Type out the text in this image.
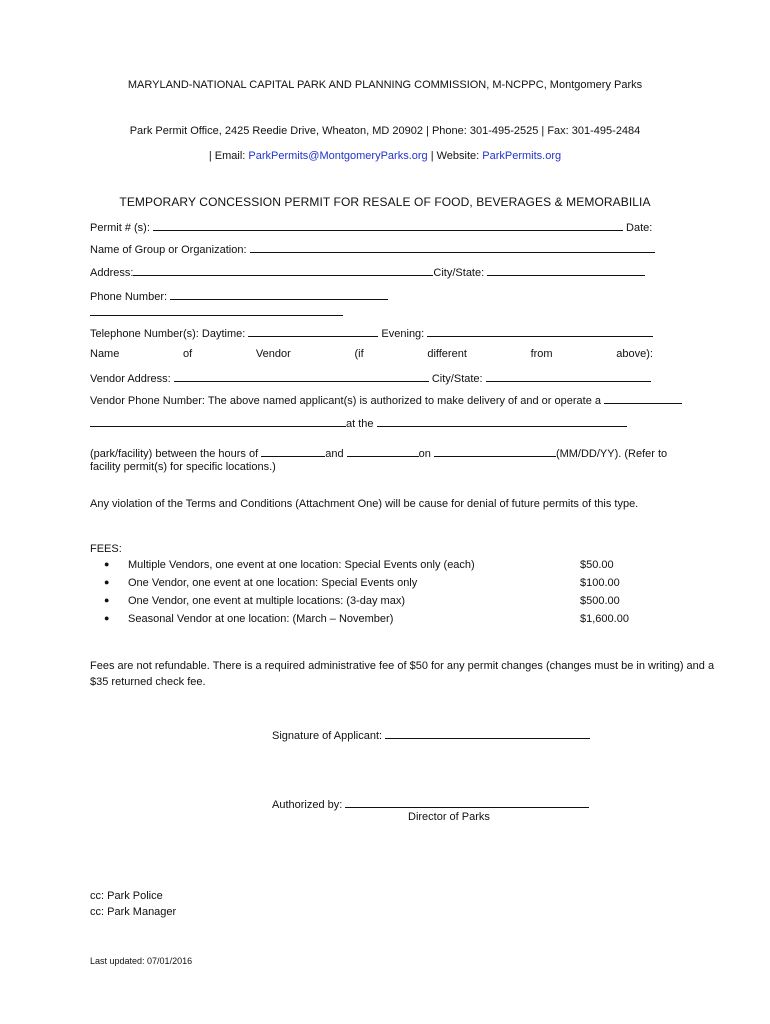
MARYLAND-NATIONAL CAPITAL PARK AND PLANNING COMMISSION, M-NCPPC, Montgomery Parks
Park Permit Office, 2425 Reedie Drive, Wheaton, MD 20902 | Phone: 301-495-2525 | Fax: 301-495-2484
| Email: ParkPermits@MontgomeryParks.org | Website: ParkPermits.org
TEMPORARY CONCESSION PERMIT FOR RESALE OF FOOD, BEVERAGES & MEMORABILIA
Permit # (s):	Date:
Name of Group or Organization:
Address:	City/State:
Phone Number:
Telephone Number(s): Daytime:	Evening:
Name	of	Vendor	(if	different	from	above):
Vendor Address:	City/State:
Vendor Phone Number: The above named applicant(s) is authorized to make delivery of and or operate a
at the
(park/facility) between the hours of	and	on	(MM/DD/YY). (Refer to
facility permit(s) for specific locations.)
Any violation of the Terms and Conditions (Attachment One) will be cause for denial of future permits of this type.
FEES:
● Multiple Vendors, one event at one location: Special Events only (each)	$50.00
● One Vendor, one event at one location: Special Events only	$100.00
● One Vendor, one event at multiple locations: (3-day max)	$500.00
● Seasonal Vendor at one location: (March – November)	$1,600.00
Fees are not refundable. There is a required administrative fee of $50 for any permit changes (changes must be in writing) and a
$35 returned check fee.
Signature of Applicant:
Authorized by:
Director of Parks
cc: Park Police
cc: Park Manager
Last updated: 07/01/2016
